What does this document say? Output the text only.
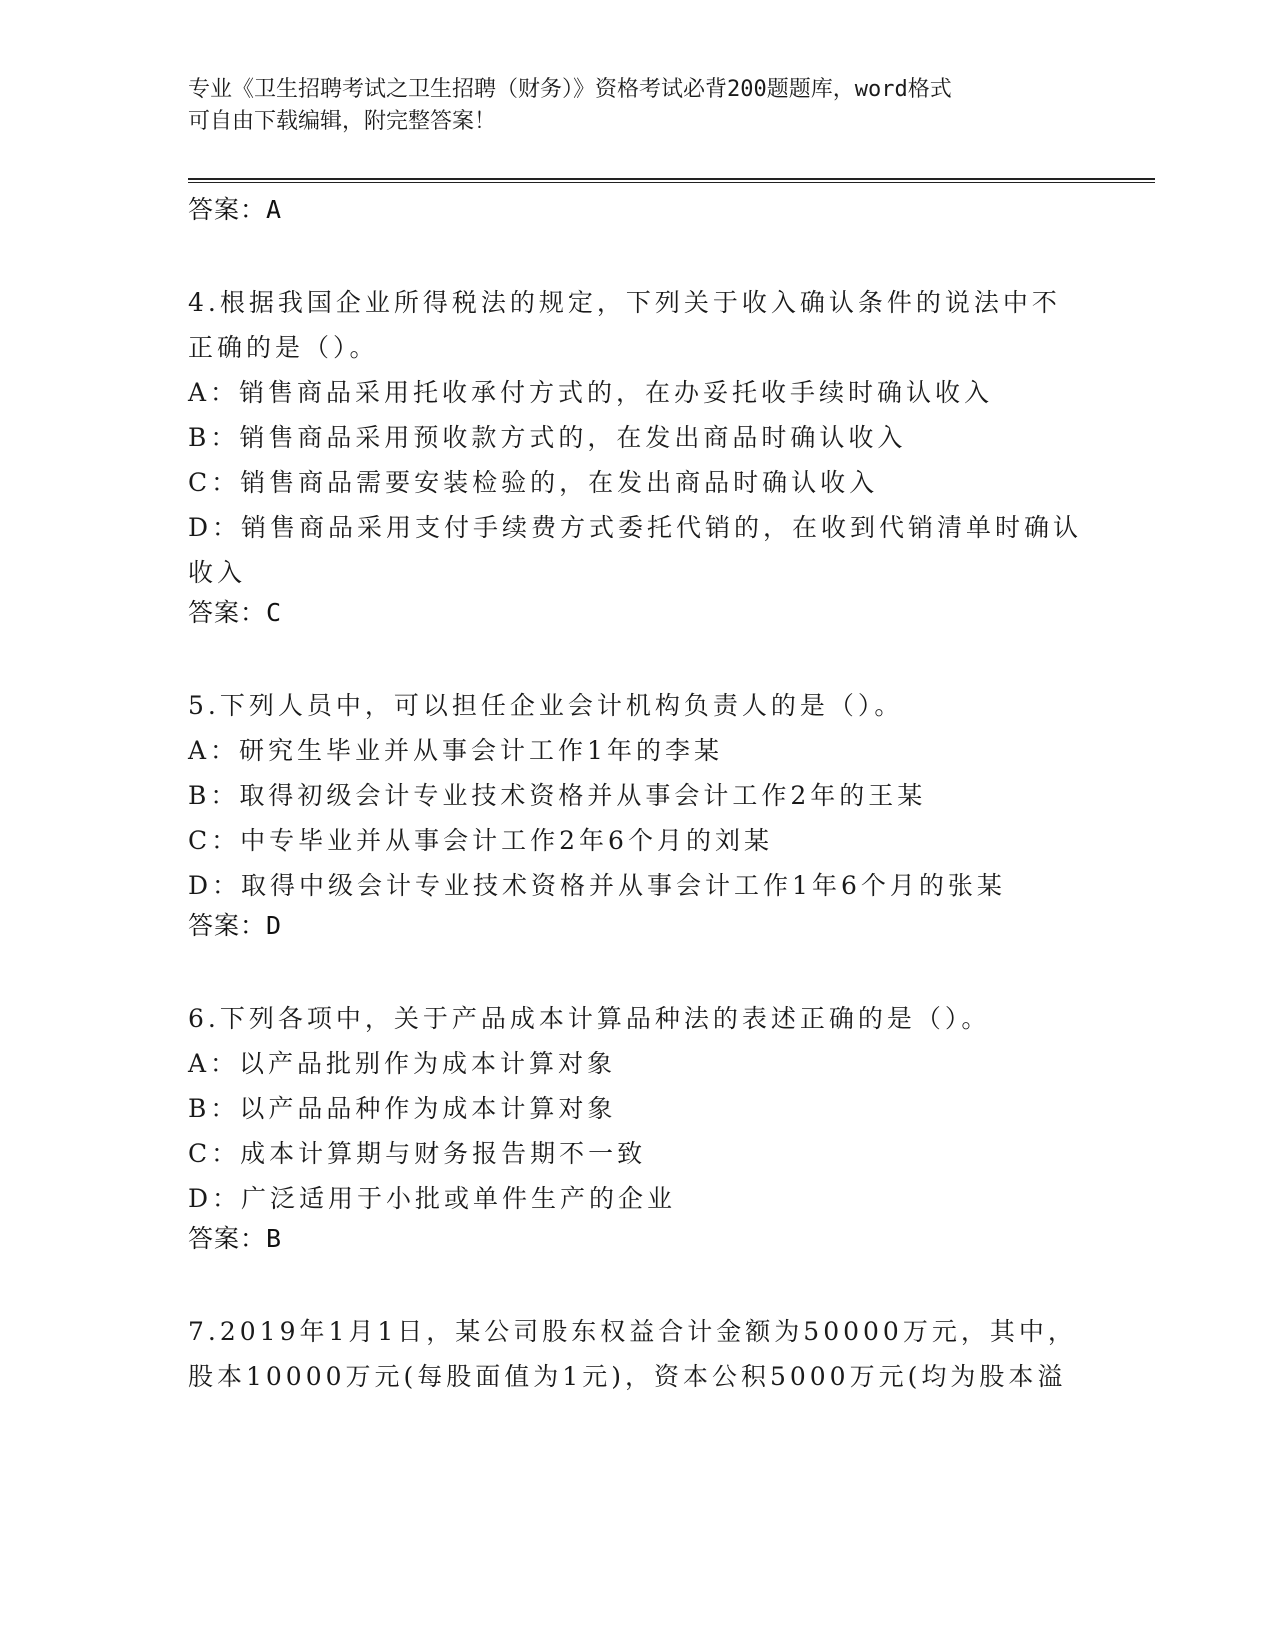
专业《卫生招聘考试之卫生招聘（财务）》资格考试必背200题题库，word格式
可自由下载编辑，附完整答案！
答案：A
4.根据我国企业所得税法的规定，下列关于收入确认条件的说法中不
正确的是（）。
A：销售商品采用托收承付方式的，在办妥托收手续时确认收入
B：销售商品采用预收款方式的，在发出商品时确认收入
C：销售商品需要安装检验的，在发出商品时确认收入
D：销售商品采用支付手续费方式委托代销的，在收到代销清单时确认
收入
答案：C
5.下列人员中，可以担任企业会计机构负责人的是（）。
A：研究生毕业并从事会计工作1年的李某
B：取得初级会计专业技术资格并从事会计工作2年的王某
C：中专毕业并从事会计工作2年6个月的刘某
D：取得中级会计专业技术资格并从事会计工作1年6个月的张某
答案：D
6.下列各项中，关于产品成本计算品种法的表述正确的是（）。
A：以产品批别作为成本计算对象
B：以产品品种作为成本计算对象
C：成本计算期与财务报告期不一致
D：广泛适用于小批或单件生产的企业
答案：B
7.2019年1月1日，某公司股东权益合计金额为50000万元，其中，
股本10000万元(每股面值为1元)，资本公积5000万元(均为股本溢
